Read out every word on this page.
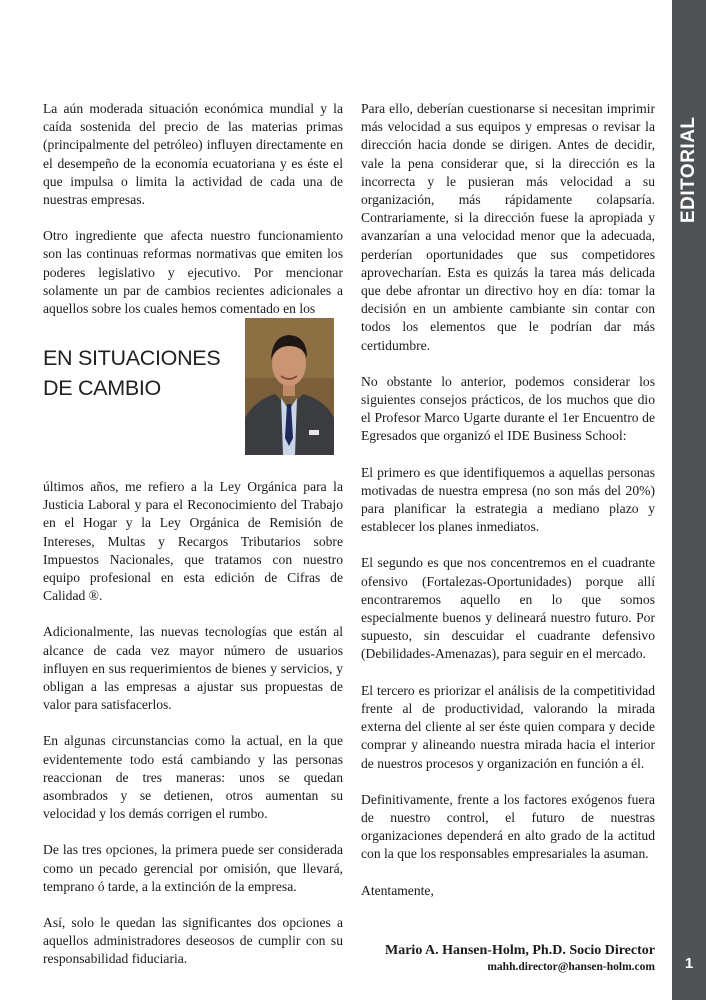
EDITORIAL
1

La aún moderada situación económica mundial y la caída sostenida del precio de las materias primas (principalmente del petróleo) influyen directamente en el desempeño de la economía ecuatoriana y es éste el que impulsa o limita la actividad de cada una de nuestras empresas.

Otro ingrediente que afecta nuestro funcionamiento son las continuas reformas normativas que emiten los poderes legislativo y ejecutivo. Por mencionar solamente un par de cambios recientes adicionales a aquellos sobre los cuales hemos comentado en los

EN SITUACIONES
DE CAMBIO

últimos años, me refiero a la Ley Orgánica para la Justicia Laboral y para el Reconocimiento del Trabajo en el Hogar y la Ley Orgánica de Remisión de Intereses, Multas y Recargos Tributarios sobre Impuestos Nacionales, que tratamos con nuestro equipo profesional en esta edición de Cifras de Calidad ®.

Adicionalmente, las nuevas tecnologías que están al alcance de cada vez mayor número de usuarios influyen en sus requerimientos de bienes y servicios, y obligan a las empresas a ajustar sus propuestas de valor para satisfacerlos.

En algunas circunstancias como la actual, en la que evidentemente todo está cambiando y las personas reaccionan de tres maneras: unos se quedan asombrados y se detienen, otros aumentan su velocidad y los demás corrigen el rumbo.

De las tres opciones, la primera puede ser considerada como un pecado gerencial por omisión, que llevará, temprano ó tarde, a la extinción de la empresa.

Así, solo le quedan las significantes dos opciones a aquellos administradores deseosos de cumplir con su responsabilidad fiduciaria.

Para ello, deberían cuestionarse si necesitan imprimir más velocidad a sus equipos y empresas o revisar la dirección hacia donde se dirigen. Antes de decidir, vale la pena considerar que, si la dirección es la incorrecta y le pusieran más velocidad a su organización, más rápidamente colapsaría. Contrariamente, si la dirección fuese la apropiada y avanzarían a una velocidad menor que la adecuada, perderían oportunidades que sus competidores aprovecharían. Esta es quizás la tarea más delicada que debe afrontar un directivo hoy en día: tomar la decisión en un ambiente cambiante sin contar con todos los elementos que le podrían dar más certidumbre.

No obstante lo anterior, podemos considerar los siguientes consejos prácticos, de los muchos que dio el Profesor Marco Ugarte durante el 1er Encuentro de Egresados que organizó el IDE Business School:

El primero es que identifiquemos a aquellas personas motivadas de nuestra empresa (no son más del 20%) para planificar la estrategia a mediano plazo y establecer los planes inmediatos.

El segundo es que nos concentremos en el cuadrante ofensivo (Fortalezas-Oportunidades) porque allí encontraremos aquello en lo que somos especialmente buenos y delineará nuestro futuro. Por supuesto, sin descuidar el cuadrante defensivo (Debilidades-Amenazas), para seguir en el mercado.

El tercero es priorizar el análisis de la competitividad frente al de productividad, valorando la mirada externa del cliente al ser éste quien compara y decide comprar y alineando nuestra mirada hacia el interior de nuestros procesos y organización en función a él.

Definitivamente, frente a los factores exógenos fuera de nuestro control, el futuro de nuestras organizaciones dependerá en alto grado de la actitud con la que los responsables empresariales la asuman.

Atentamente,

Mario A. Hansen-Holm, Ph.D. Socio Director
mahh.director@hansen-holm.com
